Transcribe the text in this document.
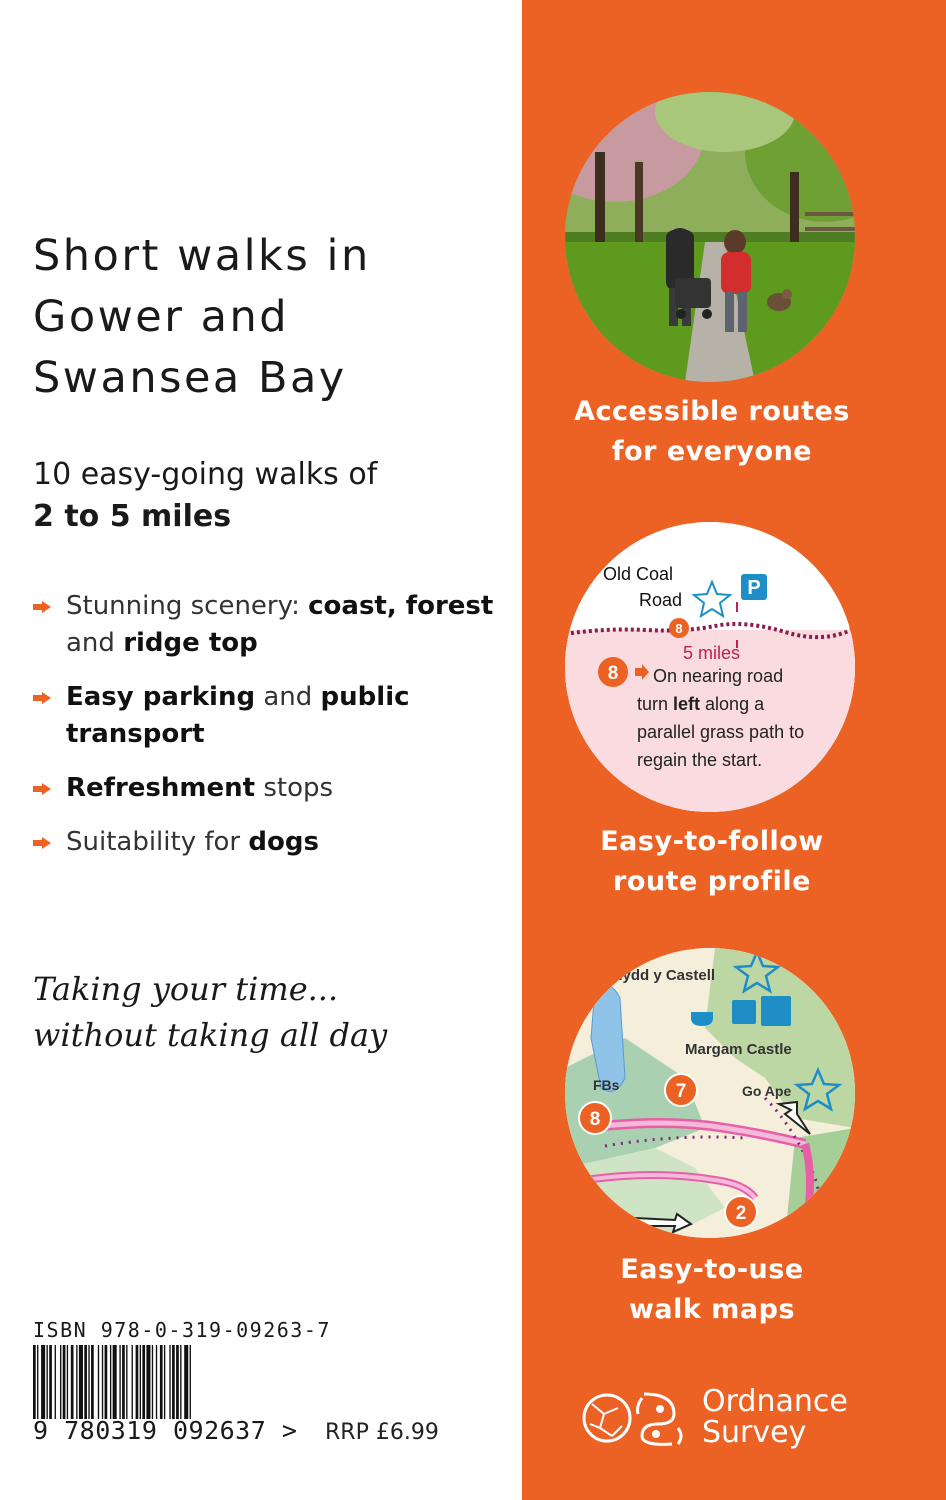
Short walks in
Gower and
Swansea Bay
10 easy-going walks of
2 to 5 miles
Stunning scenery: coast, forest and ridge top
Easy parking and public transport
Refreshment stops
Suitability for dogs
Taking your time...
without taking all day
ISBN 978-0-319-09263-7
9 780319 092637 > RRP £6.99
Accessible routes
for everyone
Old Coal
Road
P
8
5 miles
8 On nearing road
turn left along a
parallel grass path to
regain the start.
Easy-to-follow
route profile
ynydd y Castell
Margam Castle
FBs	Go Ape
7
8
2
Easy-to-use
walk maps
Ordnance
Survey
